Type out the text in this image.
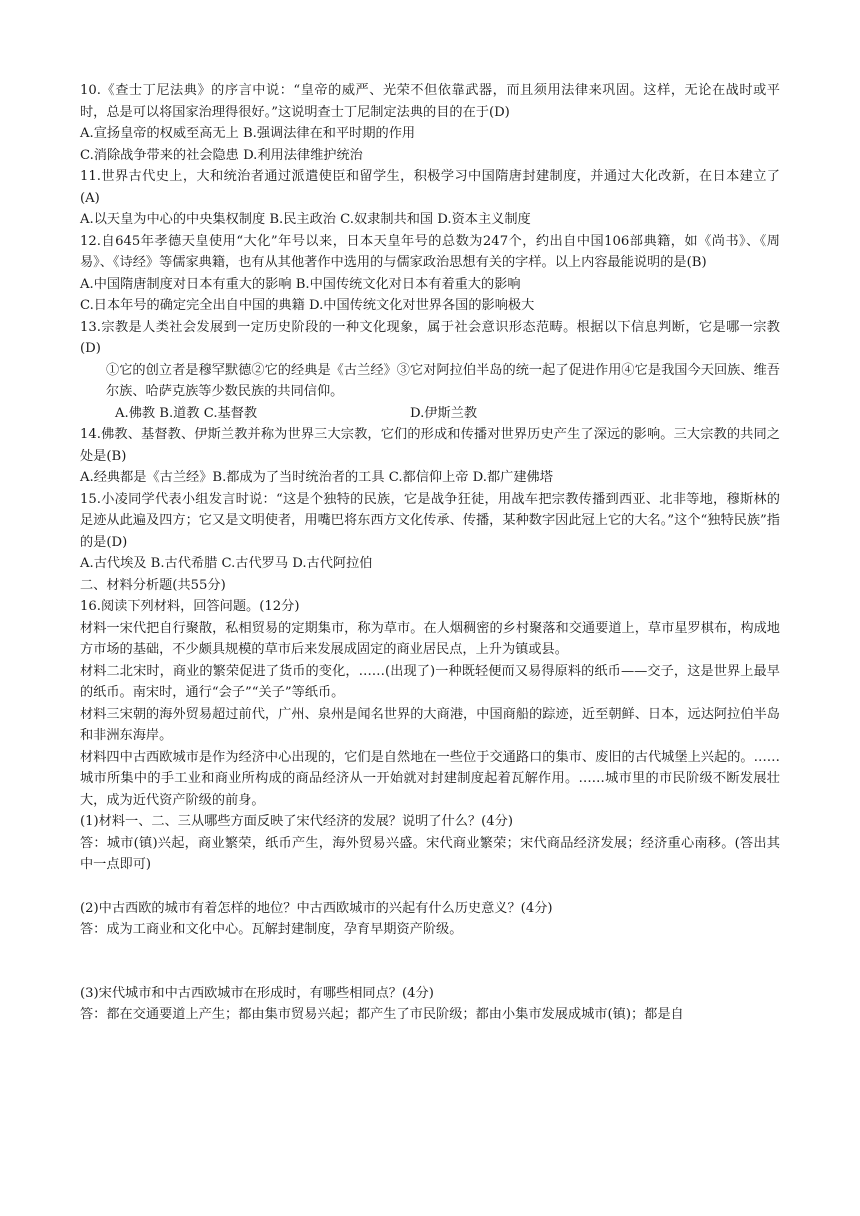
10.《查士丁尼法典》的序言中说：“皇帝的威严、光荣不但依靠武器，而且须用法律来巩固。这样，无论在战时或平时，总是可以将国家治理得很好。”这说明查士丁尼制定法典的目的在于(D)

A.宣扬皇帝的权威至高无上 B.强调法律在和平时期的作用

C.消除战争带来的社会隐患 D.利用法律维护统治

11.世界古代史上，大和统治者通过派遣使臣和留学生，积极学习中国隋唐封建制度，并通过大化改新，在日本建立了(A)

A.以天皇为中心的中央集权制度 B.民主政治 C.奴隶制共和国 D.资本主义制度

12.自645年孝德天皇使用“大化”年号以来，日本天皇年号的总数为247个，约出自中国106部典籍，如《尚书》、《周易》、《诗经》等儒家典籍，也有从其他著作中选用的与儒家政治思想有关的字样。以上内容最能说明的是(B)

A.中国隋唐制度对日本有重大的影响 B.中国传统文化对日本有着重大的影响

C.日本年号的确定完全出自中国的典籍 D.中国传统文化对世界各国的影响极大

13.宗教是人类社会发展到一定历史阶段的一种文化现象，属于社会意识形态范畴。根据以下信息判断，它是哪一宗教(D)

①它的创立者是穆罕默德②它的经典是《古兰经》③它对阿拉伯半岛的统一起了促进作用④它是我国今天回族、维吾尔族、哈萨克族等少数民族的共同信仰。

A.佛教 B.道教 C.基督教	D.伊斯兰教

14.佛教、基督教、伊斯兰教并称为世界三大宗教，它们的形成和传播对世界历史产生了深远的影响。三大宗教的共同之处是(B)

A.经典都是《古兰经》B.都成为了当时统治者的工具 C.都信仰上帝 D.都广建佛塔

15.小凌同学代表小组发言时说：“这是个独特的民族，它是战争狂徒，用战车把宗教传播到西亚、北非等地，穆斯林的足迹从此遍及四方；它又是文明使者，用嘴巴将东西方文化传承、传播，某种数字因此冠上它的大名。”这个“独特民族”指的是(D)

A.古代埃及 B.古代希腊 C.古代罗马 D.古代阿拉伯

二、材料分析题(共55分)

16.阅读下列材料，回答问题。(12分)

材料一宋代把自行聚散，私相贸易的定期集市，称为草市。在人烟稠密的乡村聚落和交通要道上，草市星罗棋布，构成地方市场的基础，不少颇具规模的草市后来发展成固定的商业居民点，上升为镇或县。

材料二北宋时，商业的繁荣促进了货币的变化，……(出现了)一种既轻便而又易得原料的纸币——交子，这是世界上最早的纸币。南宋时，通行“会子”“关子”等纸币。

材料三宋朝的海外贸易超过前代，广州、泉州是闻名世界的大商港，中国商船的踪迹，近至朝鲜、日本，远达阿拉伯半岛和非洲东海岸。

材料四中古西欧城市是作为经济中心出现的，它们是自然地在一些位于交通路口的集市、废旧的古代城堡上兴起的。……城市所集中的手工业和商业所构成的商品经济从一开始就对封建制度起着瓦解作用。……城市里的市民阶级不断发展壮大，成为近代资产阶级的前身。

(1)材料一、二、三从哪些方面反映了宋代经济的发展？说明了什么？(4分)

答：城市(镇)兴起，商业繁荣，纸币产生，海外贸易兴盛。宋代商业繁荣；宋代商品经济发展；经济重心南移。(答出其中一点即可)

(2)中古西欧的城市有着怎样的地位？中古西欧城市的兴起有什么历史意义？(4分)

答：成为工商业和文化中心。瓦解封建制度，孕育早期资产阶级。

(3)宋代城市和中古西欧城市在形成时，有哪些相同点？(4分)

答：都在交通要道上产生；都由集市贸易兴起；都产生了市民阶级；都由小集市发展成城市(镇)；都是自
